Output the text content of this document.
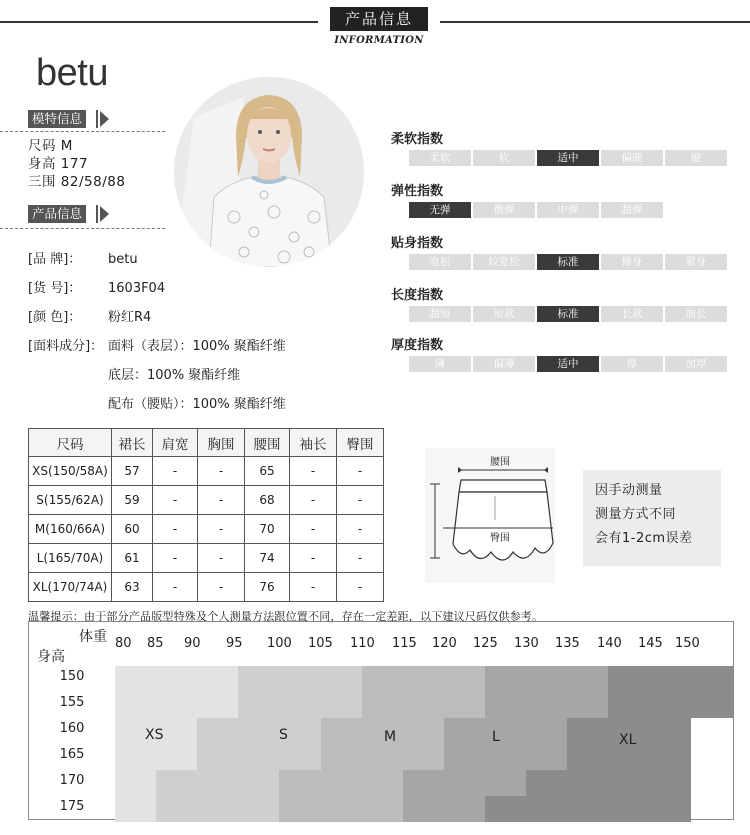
产品信息
INFORMATION
betu
模特信息
尺码 M
身高 177
三围 82/58/88
产品信息
[品 牌]： betu
[货 号]： 1603F04
[颜 色]： 粉红R4
[面料成分]： 面料（表层）：100% 聚酯纤维
底层：100% 聚酯纤维
配布（腰贴）：100% 聚酯纤维
柔软指数
柔软	软	适中	偏硬	硬
弹性指数
无弹	微弹	中弹	超弹
贴身指数
宽松	较宽松	标准	修身	紧身
长度指数
超短	短款	标准	长款	加长
厚度指数
薄	偏薄	适中	厚	加厚
尺码	裙长	肩宽	胸围	腰围	袖长	臀围
XS(150/58A)	57	-	-	65	-	-
S(155/62A)	59	-	-	68	-	-
M(160/66A)	60	-	-	70	-	-
L(165/70A)	61	-	-	74	-	-
XL(170/74A)	63	-	-	76	-	-
腰围
臀围
因手动测量
测量方式不同
会有1-2cm误差
温馨提示：由于部分产品版型特殊及个人测量方法跟位置不同，存在一定差距，以下建议尺码仅供参考。
体重
身高
80 85 90 95 100 105 110 115 120 125 130 135 140 145 150
150
155
160
165
170
175
XS	S	M	L	XL
